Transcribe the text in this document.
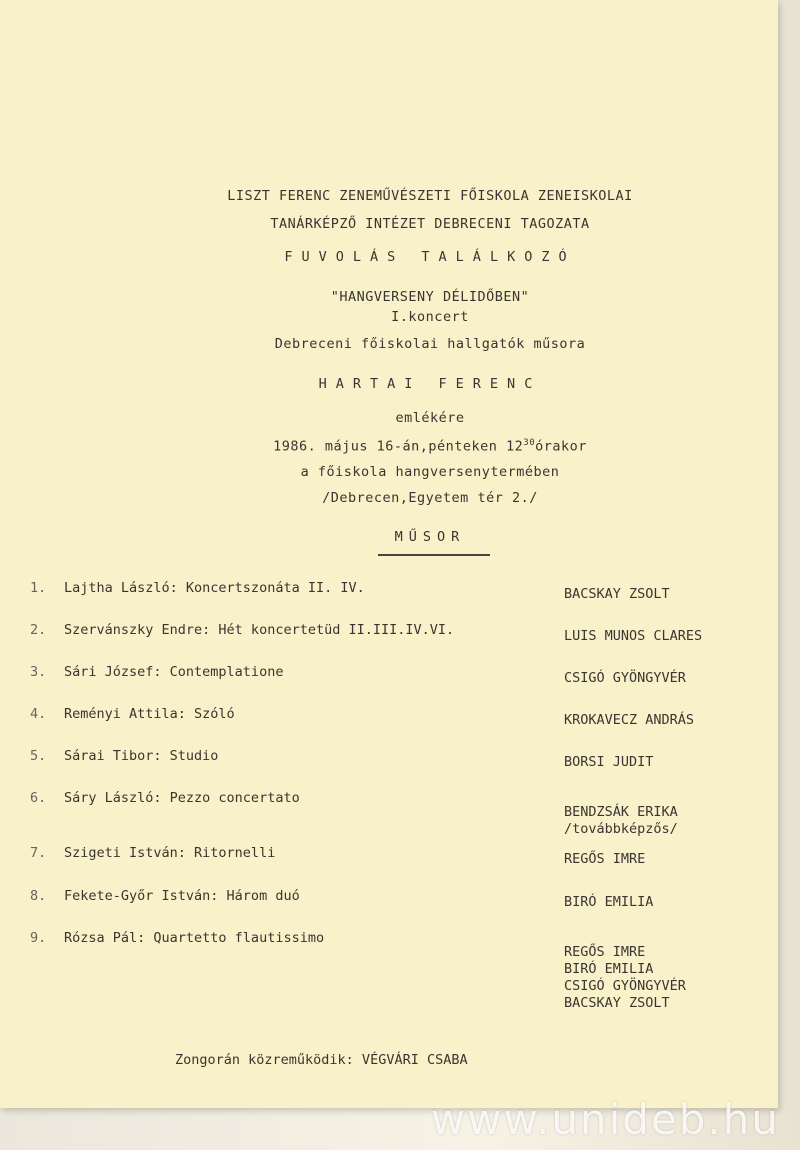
LISZT FERENC ZENEMŰVÉSZETI FŐISKOLA ZENEISKOLAI
TANÁRKÉPZŐ INTÉZET DEBRECENI TAGOZATA
FUVOLÁS TALÁLKOZÓ
"HANGVERSENY DÉLIDŐBEN"
I.koncert
Debreceni főiskolai hallgatók műsora
HARTAI FERENC
emlékére
1986. május 16-án,pénteken $12^{30}órakor$
a főiskola hangversenytermében
/Debrecen,Egyetem tér 2./
MŰSOR
1.	Lajtha László: Koncertszonáta II. IV.	BACSKAY ZSOLT
2.	Szervánszky Endre: Hét koncertetüd II.III.IV.VI.	LUIS MUNOS CLARES
3.	Sári József: Contemplatione	CSIGÓ GYÖNGYVÉR
4.	Reményi Attila: Szóló	KROKAVECZ ANDRÁS
5.	Sárai Tibor: Studio	BORSI JUDIT
6.	Sáry László: Pezzo concertato
BENDZSÁK ERIKA
/továbbképzős/
7.	Szigeti István: Ritornelli	REGŐS IMRE
8.	Fekete-Győr István: Három duó	BIRÓ EMILIA
9.	Rózsa Pál: Quartetto flautissimo
REGŐS IMRE
BIRÓ EMILIA
CSIGÓ GYÖNGYVÉR
BACSKAY ZSOLT
Zongorán közreműködik: VÉGVÁRI CSABA
www.unideb.hu
